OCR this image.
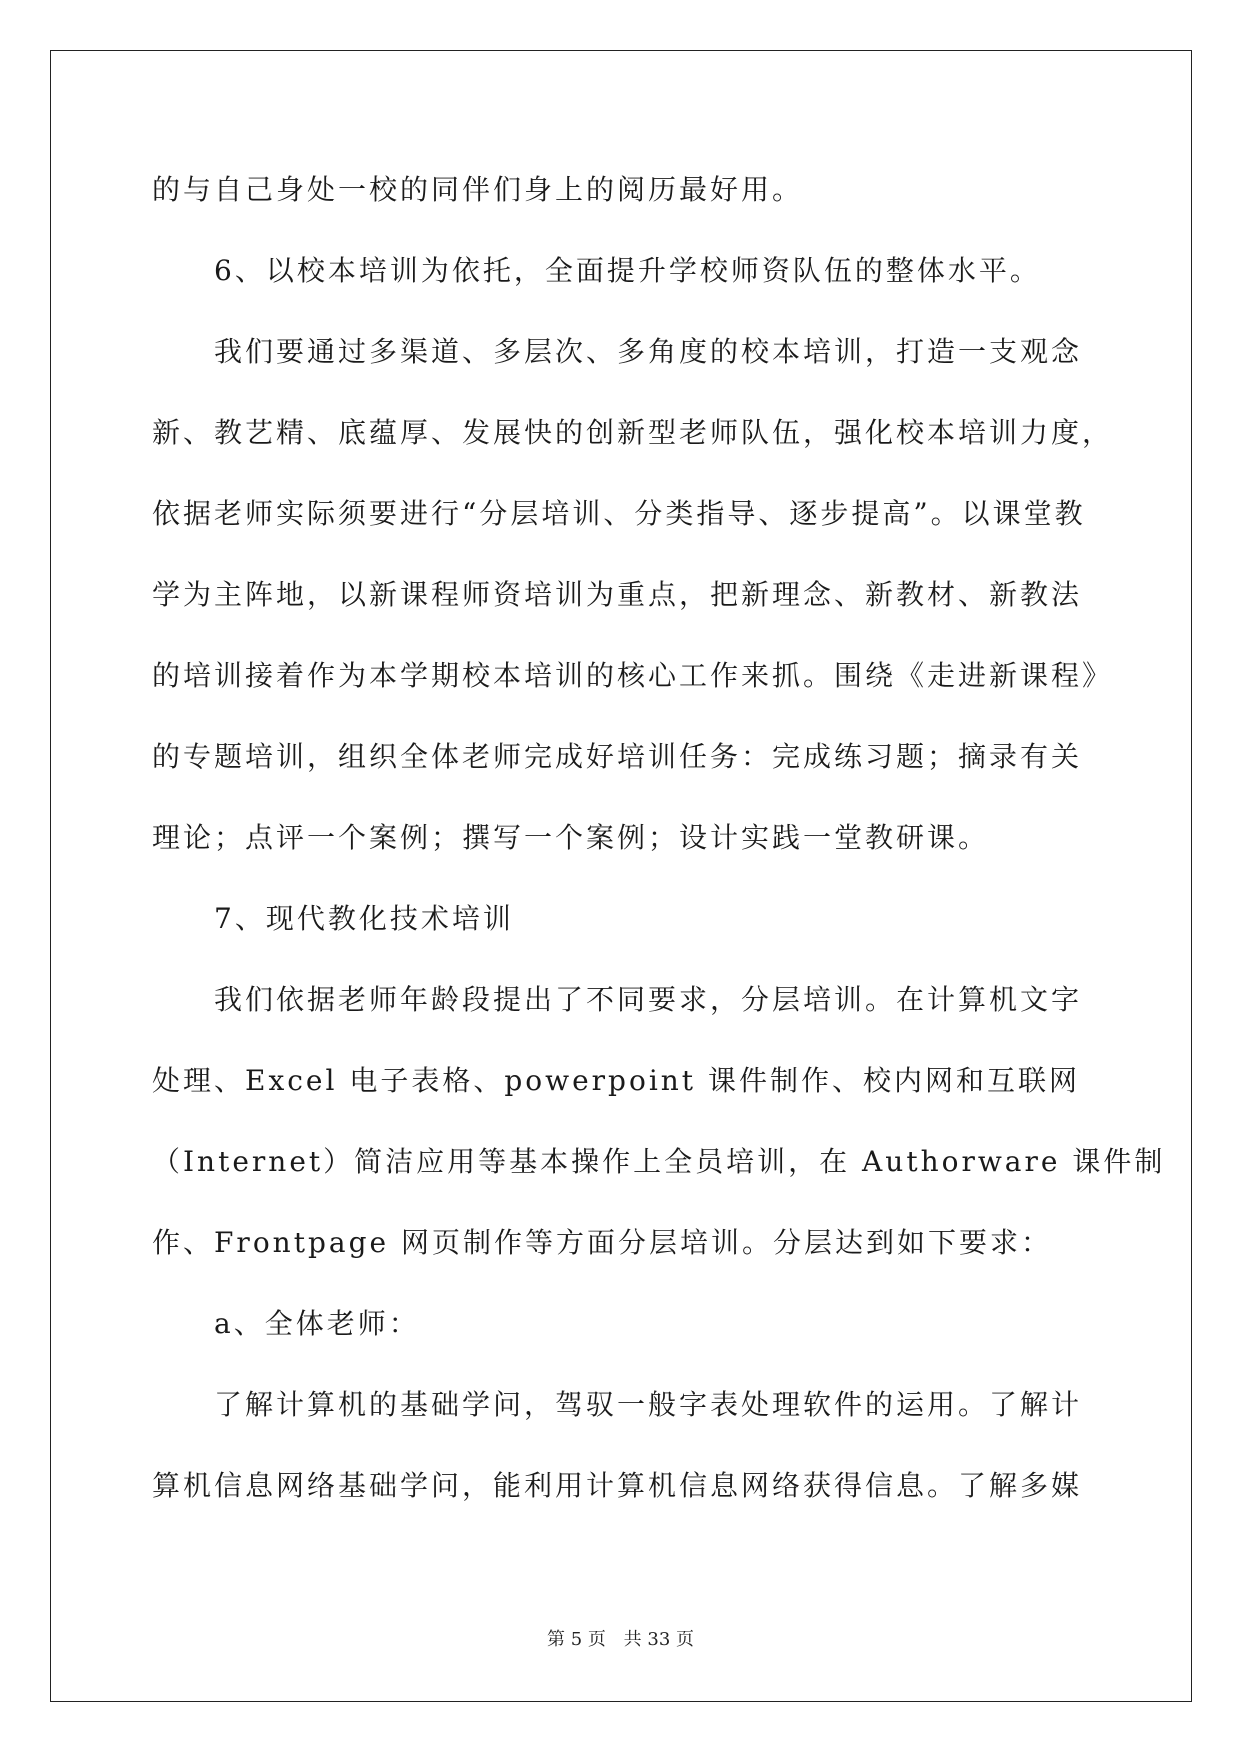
的与自己身处一校的同伴们身上的阅历最好用。
6、以校本培训为依托，全面提升学校师资队伍的整体水平。
我们要通过多渠道、多层次、多角度的校本培训，打造一支观念
新、教艺精、底蕴厚、发展快的创新型老师队伍，强化校本培训力度，
依据老师实际须要进行“分层培训、分类指导、逐步提高”。以课堂教
学为主阵地，以新课程师资培训为重点，把新理念、新教材、新教法
的培训接着作为本学期校本培训的核心工作来抓。围绕《走进新课程》
的专题培训，组织全体老师完成好培训任务：完成练习题；摘录有关
理论；点评一个案例；撰写一个案例；设计实践一堂教研课。
7、现代教化技术培训
我们依据老师年龄段提出了不同要求，分层培训。在计算机文字
处理、Excel 电子表格、powerpoint 课件制作、校内网和互联网
（Internet）简洁应用等基本操作上全员培训，在 Authorware 课件制
作、Frontpage 网页制作等方面分层培训。分层达到如下要求：
a、全体老师：
了解计算机的基础学问，驾驭一般字表处理软件的运用。了解计
算机信息网络基础学问，能利用计算机信息网络获得信息。了解多媒
第 5 页 共 33 页
